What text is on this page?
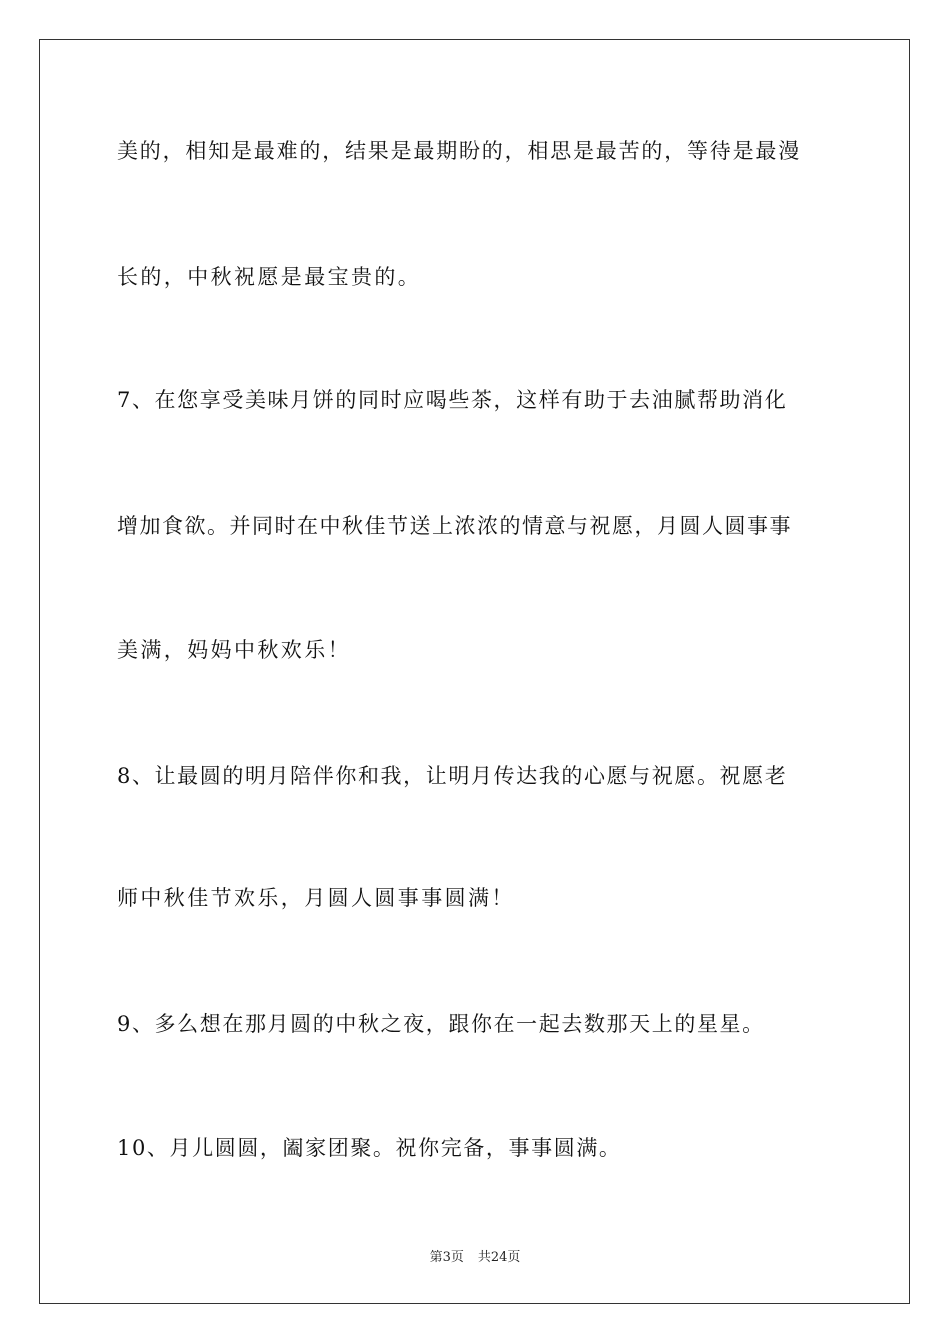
美的，相知是最难的，结果是最期盼的，相思是最苦的，等待是最漫
长的，中秋祝愿是最宝贵的。
7、在您享受美味月饼的同时应喝些茶，这样有助于去油腻帮助消化
增加食欲。并同时在中秋佳节送上浓浓的情意与祝愿，月圆人圆事事
美满，妈妈中秋欢乐！
8、让最圆的明月陪伴你和我，让明月传达我的心愿与祝愿。祝愿老
师中秋佳节欢乐，月圆人圆事事圆满！
9、多么想在那月圆的中秋之夜，跟你在一起去数那天上的星星。
10、月儿圆圆，阖家团聚。祝你完备，事事圆满。
第3页 共24页
